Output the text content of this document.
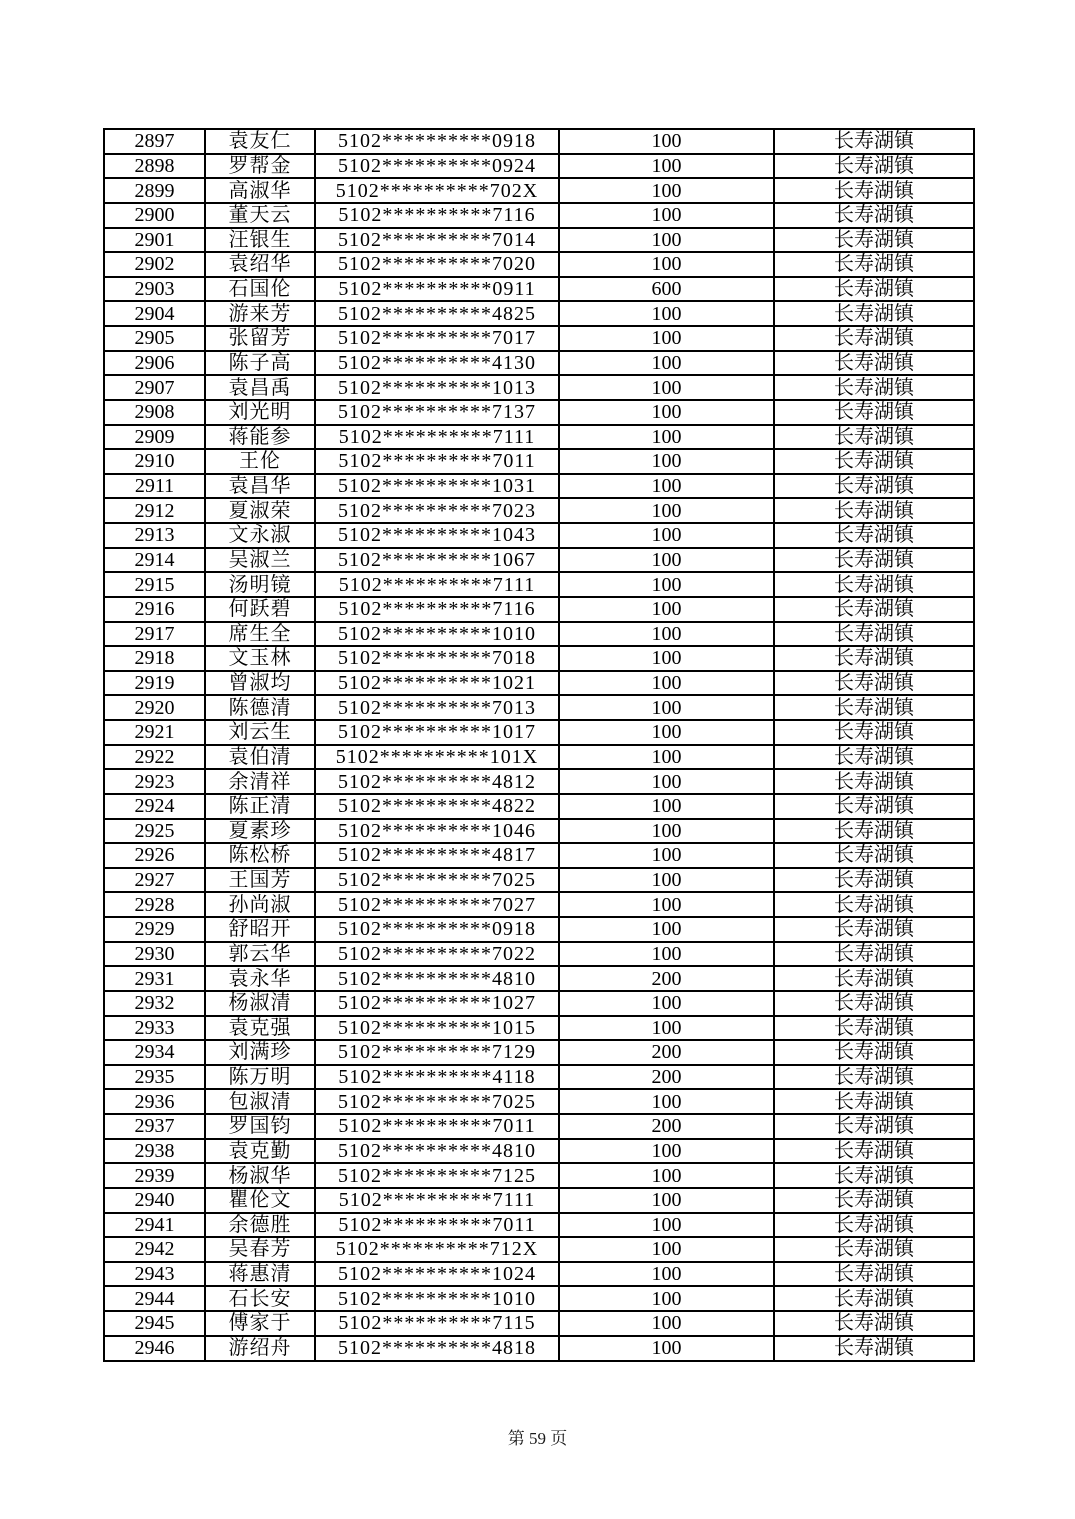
2897	袁友仁	5102**********0918	100	长寿湖镇
2898	罗帮金	5102**********0924	100	长寿湖镇
2899	高淑华	5102**********702X	100	长寿湖镇
2900	董天云	5102**********7116	100	长寿湖镇
2901	汪银生	5102**********7014	100	长寿湖镇
2902	袁绍华	5102**********7020	100	长寿湖镇
2903	石国伦	5102**********0911	600	长寿湖镇
2904	游来芳	5102**********4825	100	长寿湖镇
2905	张留芳	5102**********7017	100	长寿湖镇
2906	陈子高	5102**********4130	100	长寿湖镇
2907	袁昌禹	5102**********1013	100	长寿湖镇
2908	刘光明	5102**********7137	100	长寿湖镇
2909	蒋能参	5102**********7111	100	长寿湖镇
2910	王伦	5102**********7011	100	长寿湖镇
2911	袁昌华	5102**********1031	100	长寿湖镇
2912	夏淑荣	5102**********7023	100	长寿湖镇
2913	文永淑	5102**********1043	100	长寿湖镇
2914	吴淑兰	5102**********1067	100	长寿湖镇
2915	汤明镜	5102**********7111	100	长寿湖镇
2916	何跃碧	5102**********7116	100	长寿湖镇
2917	席生全	5102**********1010	100	长寿湖镇
2918	文玉林	5102**********7018	100	长寿湖镇
2919	曾淑均	5102**********1021	100	长寿湖镇
2920	陈德清	5102**********7013	100	长寿湖镇
2921	刘云生	5102**********1017	100	长寿湖镇
2922	袁伯清	5102**********101X	100	长寿湖镇
2923	余清祥	5102**********4812	100	长寿湖镇
2924	陈正清	5102**********4822	100	长寿湖镇
2925	夏素珍	5102**********1046	100	长寿湖镇
2926	陈松桥	5102**********4817	100	长寿湖镇
2927	王国芳	5102**********7025	100	长寿湖镇
2928	孙尚淑	5102**********7027	100	长寿湖镇
2929	舒昭开	5102**********0918	100	长寿湖镇
2930	郭云华	5102**********7022	100	长寿湖镇
2931	袁永华	5102**********4810	200	长寿湖镇
2932	杨淑清	5102**********1027	100	长寿湖镇
2933	袁克强	5102**********1015	100	长寿湖镇
2934	刘满珍	5102**********7129	200	长寿湖镇
2935	陈万明	5102**********4118	200	长寿湖镇
2936	包淑清	5102**********7025	100	长寿湖镇
2937	罗国钧	5102**********7011	200	长寿湖镇
2938	袁克勤	5102**********4810	100	长寿湖镇
2939	杨淑华	5102**********7125	100	长寿湖镇
2940	瞿伦文	5102**********7111	100	长寿湖镇
2941	余德胜	5102**********7011	100	长寿湖镇
2942	吴春芳	5102**********712X	100	长寿湖镇
2943	蒋惠清	5102**********1024	100	长寿湖镇
2944	石长安	5102**********1010	100	长寿湖镇
2945	傅家于	5102**********7115	100	长寿湖镇
2946	游绍舟	5102**********4818	100	长寿湖镇
第 59 页
